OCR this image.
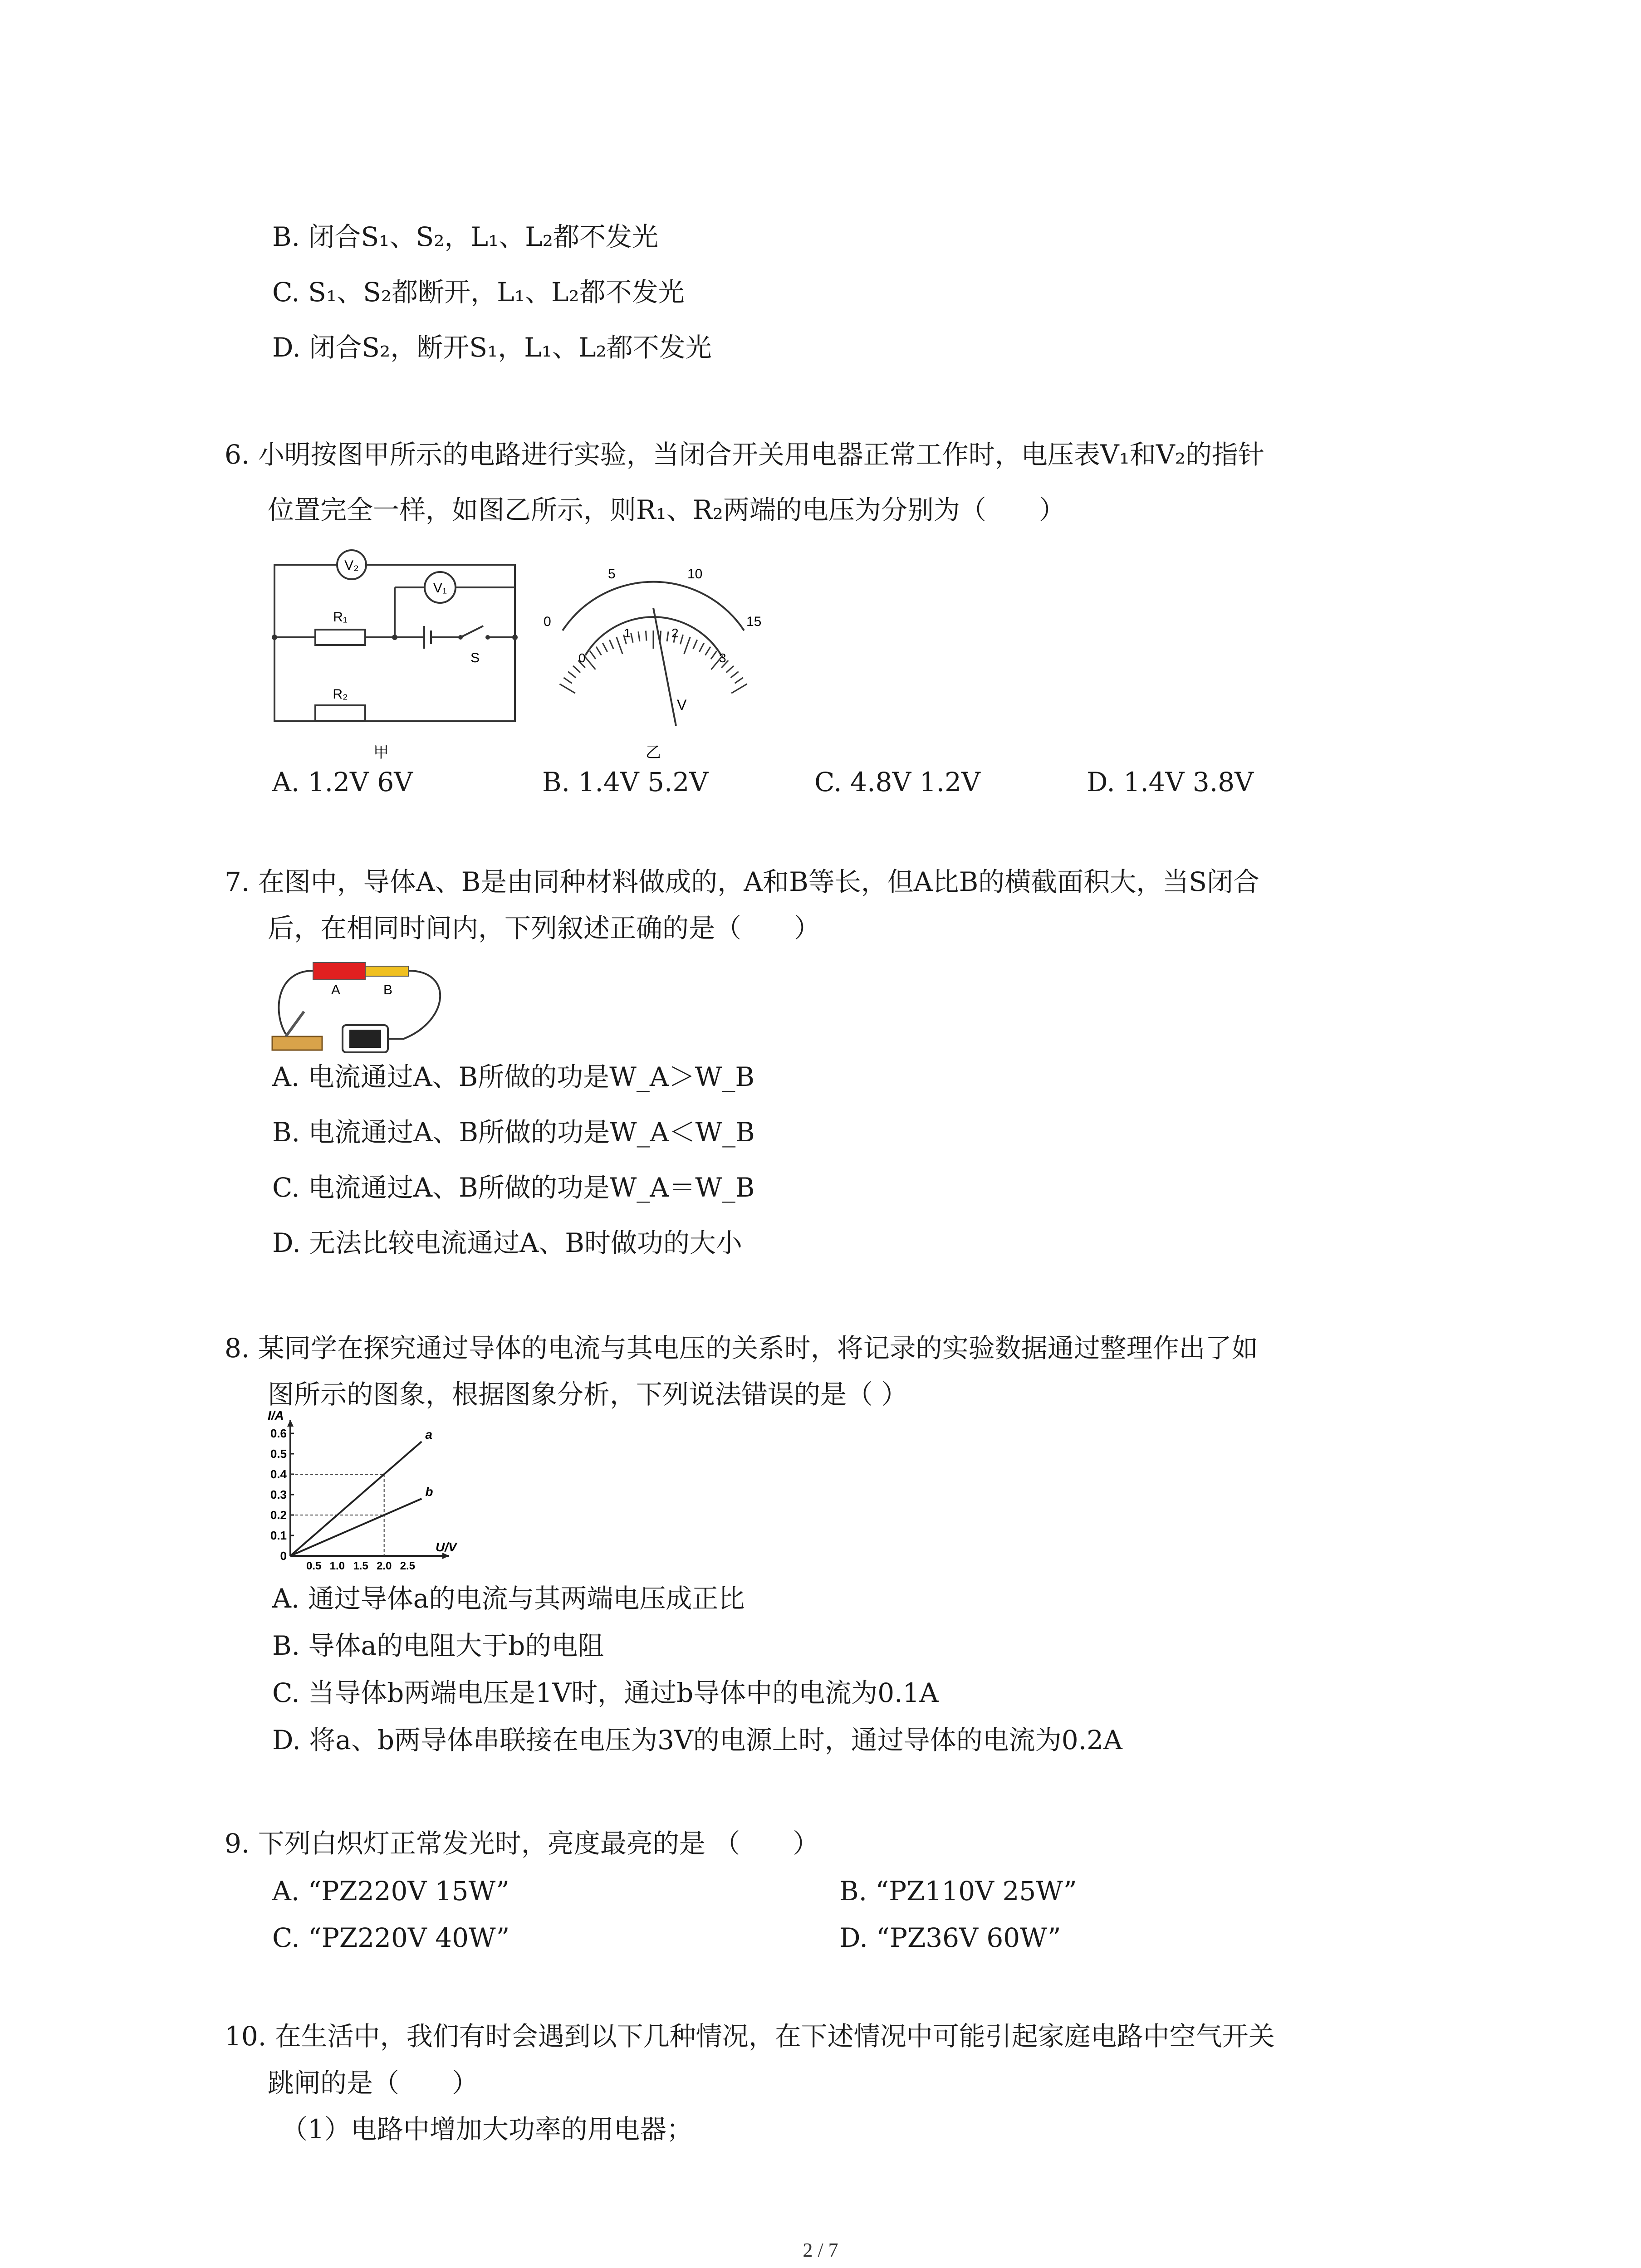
B. 闭合S₁、S₂，L₁、L₂都不发光
C. S₁、S₂都断开，L₁、L₂都不发光
D. 闭合S₂，断开S₁，L₁、L₂都不发光
6. 小明按图甲所示的电路进行实验，当闭合开关用电器正常工作时，电压表V₁和V₂的指针
位置完全一样，如图乙所示，则R₁、R₂两端的电压为分别为（　　）
V₂
V₁
R₁
R₂
S
甲
0
5	10
15
0
1	2
3
V
乙
A. 1.2V 6V	B. 1.4V 5.2V	C. 4.8V 1.2V	D. 1.4V 3.8V
7. 在图中，导体A、B是由同种材料做成的，A和B等长，但A比B的横截面积大，当S闭合
后，在相同时间内，下列叙述正确的是（　　）
A	B
A. 电流通过A、B所做的功是W_A＞W_B
B. 电流通过A、B所做的功是W_A＜W_B
C. 电流通过A、B所做的功是W_A＝W_B
D. 无法比较电流通过A、B时做功的大小
8. 某同学在探究通过导体的电流与其电压的关系时，将记录的实验数据通过整理作出了如
图所示的图象，根据图象分析，下列说法错误的是（ ）
0
0.1
0.2
0.3
0.4
0.5
0.6
0.5 1.0 1.5 2.0 2.5
U/V
I/A
a
b
A. 通过导体a的电流与其两端电压成正比
B. 导体a的电阻大于b的电阻
C. 当导体b两端电压是1V时，通过b导体中的电流为0.1A
D. 将a、b两导体串联接在电压为3V的电源上时，通过导体的电流为0.2A
9. 下列白炽灯正常发光时，亮度最亮的是 （　　）
A. “PZ220V 15W”	B. “PZ110V 25W”
C. “PZ220V 40W”	D. “PZ36V 60W”
10. 在生活中，我们有时会遇到以下几种情况，在下述情况中可能引起家庭电路中空气开关
跳闸的是（　　）
（1）电路中增加大功率的用电器；
2 / 7
